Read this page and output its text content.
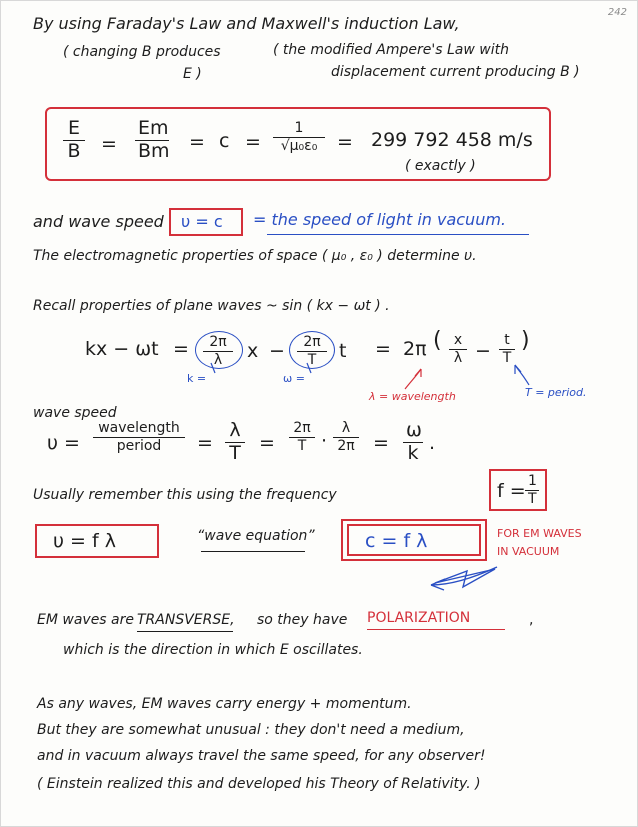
242
By using Faraday's Law and Maxwell's induction Law,
( changing B produces	( the modified Ampere's Law with
E )	displacement current producing B )
E
B =
Em
Bm = c =
1
√μ₀ε₀	= 299 792 458 m/s
( exactly )
and wave speed υ = c = the speed of light in vacuum.
The electromagnetic properties of space ( μ₀ , ε₀ ) determine υ.
Recall properties of plane waves ~ sin ( kx − ωt ) .
kx − ωt =	2π
λ
k =
x −	2π
T
ω =
t = 2π ( x
λ − t
T
)
λ = wavelength	T = period.
wave speed
υ =
wavelength
period	=
λ
T =
2π
T ·
λ
2π =
ω
k .
Usually remember this using the frequency	f = 1
T
υ = f λ	“wave equation”	c = f λ	FOR EM WAVES
IN VACUUM
EM waves are TRANSVERSE, so they have POLARIZATION	,
which is the direction in which E oscillates.
As any waves, EM waves carry energy + momentum.
But they are somewhat unusual : they don't need a medium,
and in vacuum always travel the same speed, for any observer!
( Einstein realized this and developed his Theory of Relativity. )
